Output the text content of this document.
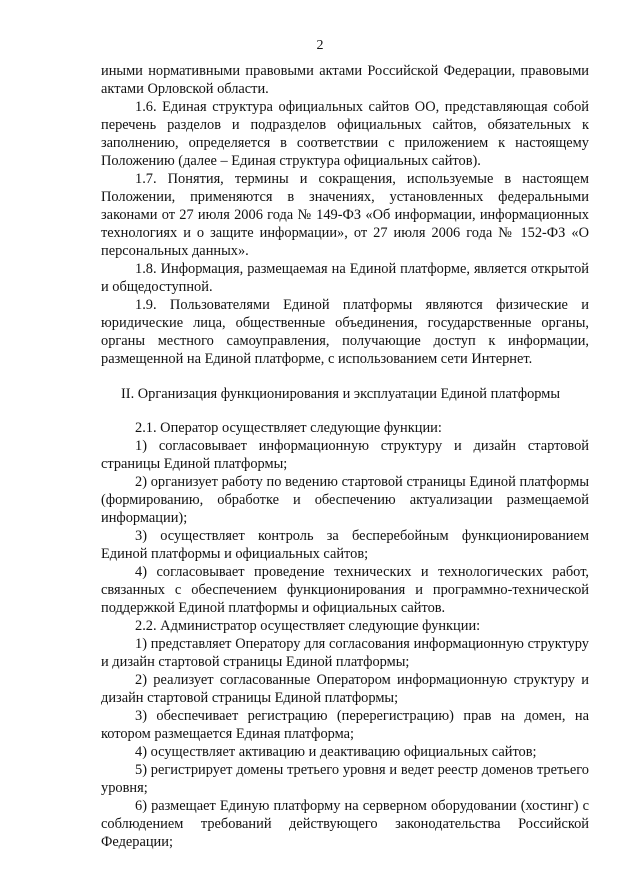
2

иными нормативными правовыми актами Российской Федерации, правовыми актами Орловской области.

1.6. Единая структура официальных сайтов ОО, представляющая собой перечень разделов и подразделов официальных сайтов, обязательных к заполнению, определяется в соответствии с приложением к настоящему Положению (далее – Единая структура официальных сайтов).

1.7. Понятия, термины и сокращения, используемые в настоящем Положении, применяются в значениях, установленных федеральными законами от 27 июля 2006 года № 149-ФЗ «Об информации, информационных технологиях и о защите информации», от 27 июля 2006 года № 152-ФЗ «О персональных данных».

1.8. Информация, размещаемая на Единой платформе, является открытой и общедоступной.

1.9. Пользователями Единой платформы являются физические и юридические лица, общественные объединения, государственные органы, органы местного самоуправления, получающие доступ к информации, размещенной на Единой платформе, с использованием сети Интернет.

II. Организация функционирования и эксплуатации Единой платформы

2.1. Оператор осуществляет следующие функции:

1) согласовывает информационную структуру и дизайн стартовой страницы Единой платформы;

2) организует работу по ведению стартовой страницы Единой платформы (формированию, обработке и обеспечению актуализации размещаемой информации);

3) осуществляет контроль за бесперебойным функционированием Единой платформы и официальных сайтов;

4) согласовывает проведение технических и технологических работ, связанных с обеспечением функционирования и программно-технической поддержкой Единой платформы и официальных сайтов.

2.2. Администратор осуществляет следующие функции:

1) представляет Оператору для согласования информационную структуру и дизайн стартовой страницы Единой платформы;

2) реализует согласованные Оператором информационную структуру и дизайн стартовой страницы Единой платформы;

3) обеспечивает регистрацию (перерегистрацию) прав на домен, на котором размещается Единая платформа;

4) осуществляет активацию и деактивацию официальных сайтов;

5) регистрирует домены третьего уровня и ведет реестр доменов третьего уровня;

6) размещает Единую платформу на серверном оборудовании (хостинг) с соблюдением требований действующего законодательства Российской Федерации;
